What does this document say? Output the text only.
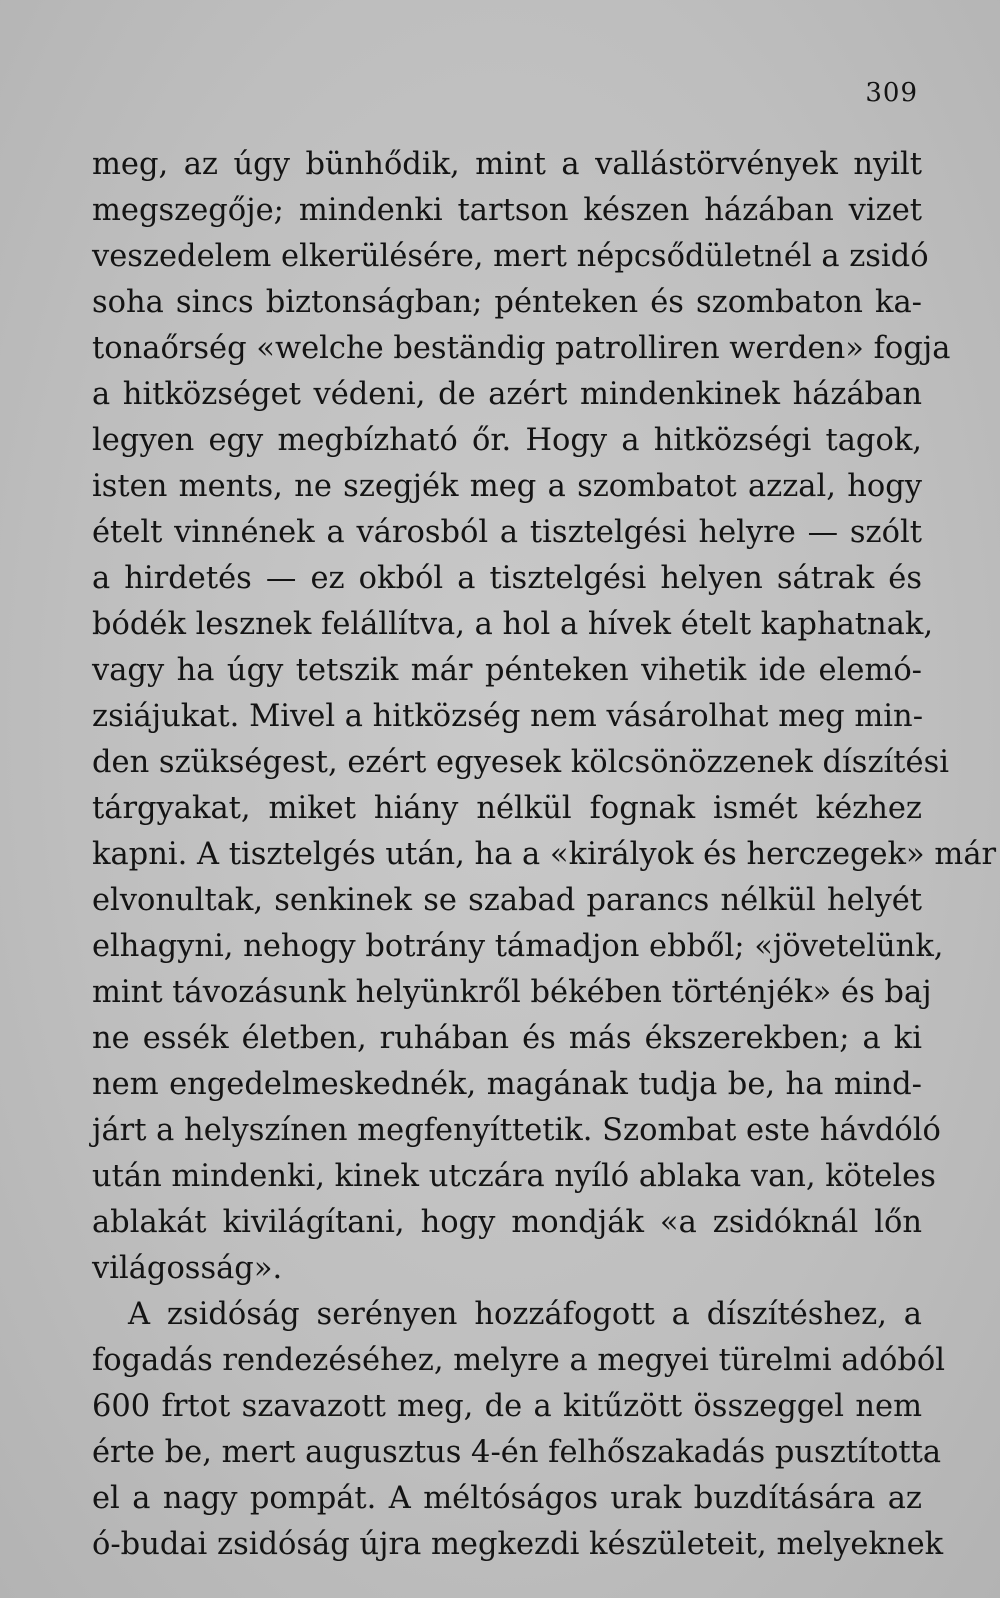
309

meg, az úgy bünhődik, mint a vallástörvények nyilt
megszegője; mindenki tartson készen házában vizet
veszedelem elkerülésére, mert népcsődületnél a zsidó
soha sincs biztonságban; pénteken és szombaton ka-
tonaőrség «welche beständig patrolliren werden» fogja
a hitközséget védeni, de azért mindenkinek házában
legyen egy megbízható őr. Hogy a hitközségi tagok,
isten ments, ne szegjék meg a szombatot azzal, hogy
ételt vinnének a városból a tisztelgési helyre — szólt
a hirdetés — ez okból a tisztelgési helyen sátrak és
bódék lesznek felállítva, a hol a hívek ételt kaphatnak,
vagy ha úgy tetszik már pénteken vihetik ide elemó-
zsiájukat. Mivel a hitközség nem vásárolhat meg min-
den szükségest, ezért egyesek kölcsönözzenek díszítési
tárgyakat, miket hiány nélkül fognak ismét kézhez
kapni. A tisztelgés után, ha a «királyok és herczegek» már
elvonultak, senkinek se szabad parancs nélkül helyét
elhagyni, nehogy botrány támadjon ebből; «jövetelünk,
mint távozásunk helyünkről békében történjék» és baj
ne essék életben, ruhában és más ékszerekben; a ki
nem engedelmeskednék, magának tudja be, ha mind-
járt a helyszínen megfenyíttetik. Szombat este hávdóló
után mindenki, kinek utczára nyíló ablaka van, köteles
ablakát kivilágítani, hogy mondják «a zsidóknál lőn
világosság».

A zsidóság serényen hozzáfogott a díszítéshez, a
fogadás rendezéséhez, melyre a megyei türelmi adóból
600 frtot szavazott meg, de a kitűzött összeggel nem
érte be, mert augusztus 4-én felhőszakadás pusztította
el a nagy pompát. A méltóságos urak buzdítására az
ó-budai zsidóság újra megkezdi készületeit, melyeknek
